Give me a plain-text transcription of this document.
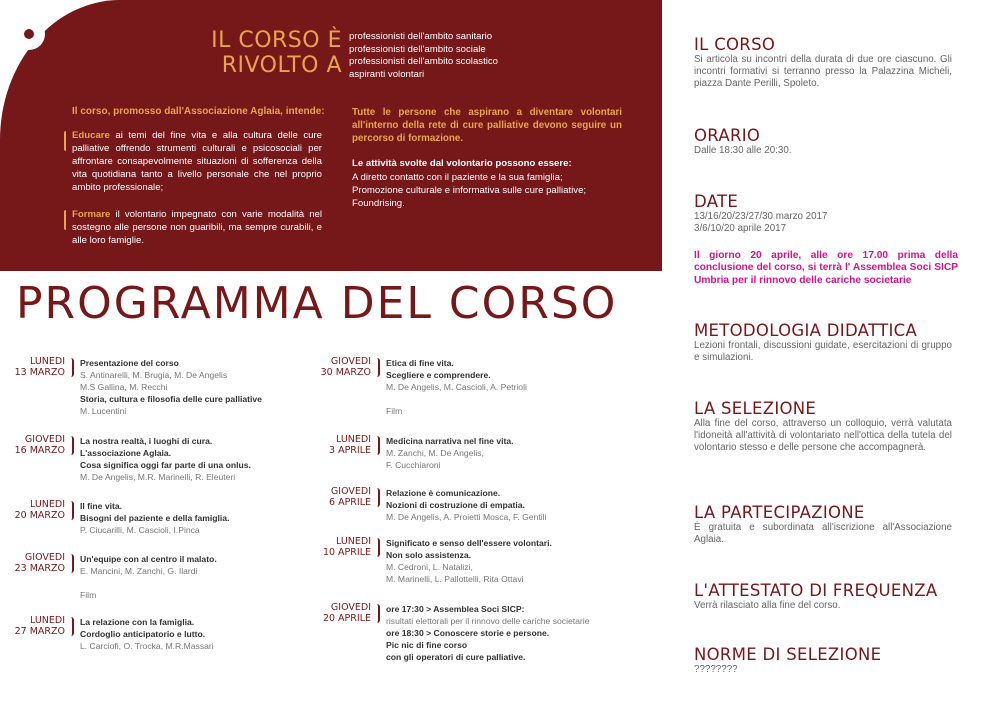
IL CORSO È
RIVOLTO A
professionisti dell'ambito sanitario
professionisti dell'ambito sociale
professionisti dell'ambito scolastico
aspiranti volontari
Il corso, promosso dall'Associazione Aglaia, intende:
Educare ai temi del fine vita e alla cultura delle cure palliative offrendo strumenti culturali e psicosociali per affrontare consapevolmente situazioni di sofferenza della vita quotidiana tanto a livello personale che nel proprio ambito professionale;
Formare il volontario impegnato con varie modalità nel sostegno alle persone non guaribili, ma sempre curabili, e alle loro famiglie.
Tutte le persone che aspirano a diventare volontari all'interno della rete di cure palliative devono seguire un percorso di formazione.
Le attività svolte dal volontario possono essere:
A diretto contatto con il paziente e la sua famiglia;
Promozione culturale e informativa sulle cure palliative;
Foundrising.
PROGRAMMA DEL CORSO
LUNEDI
13 MARZO
Presentazione del corso
S. Antinarelli, M. Brugia, M. De Angelis
M.S Gallina, M. Recchi
Storia, cultura e filosofia delle cure palliative
M. Lucentini
GIOVEDI
16 MARZO
La nostra realtà, i luoghi di cura.
L'associazione Aglaia.
Cosa significa oggi far parte di una onlus.
M. De Angelis, M.R. Marinelli, R. Eleuteri
LUNEDI
20 MARZO
Il fine vita.
Bisogni del paziente e della famiglia.
P. Ciucarilli, M. Cascioli, I.Pinca
GIOVEDI
23 MARZO
Un'equipe con al centro il malato.
E. Mancini, M. Zanchi, G. Ilardi

Film
LUNEDI
27 MARZO
La relazione con la famiglia.
Cordoglio anticipatorio e lutto.
L. Carciofi, O. Trocka, M.R.Massari
GIOVEDI
30 MARZO
Etica di fine vita.
Scegliere e comprendere.
M. De Angelis, M. Cascioli, A. Petrioli

Film
LUNEDI
3 APRILE
Medicina narrativa nel fine vita.
M. Zanchi, M. De Angelis,
F. Cucchiaroni
GIOVEDI
6 APRILE
Relazione è comunicazione.
Nozioni di costruzione di empatia.
M. De Angelis, A. Proietti Mosca, F. Gentili
LUNEDI
10 APRILE
Significato e senso dell'essere volontari.
Non solo assistenza.
M. Cedroni, L. Natalizi,
M. Marinelli, L. Pallottelli, Rita Ottavi
GIOVEDI
20 APRILE
ore 17:30 > Assemblea Soci SICP:
risultati elettorali per il rinnovo delle cariche societarie
ore 18:30 > Conoscere storie e persone.
Pic nic di fine corso
con gli operatori di cure palliative.
IL CORSO
Si articola su incontri della durata di due ore ciascuno. Gli incontri formativi si terranno presso la Palazzina Micheli, piazza Dante Perilli, Spoleto.
ORARIO
Dalle 18:30 alle 20:30.
DATE
13/16/20/23/27/30 marzo 2017
3/6/10/20 aprile 2017
Il giorno 20 aprile, alle ore 17.00 prima della conclusione del corso, si terrà l' Assemblea Soci SICP Umbria per il rinnovo delle cariche societarie
METODOLOGIA DIDATTICA
Lezioni frontali, discussioni guidate, esercitazioni di gruppo e simulazioni.
LA SELEZIONE
Alla fine del corso, attraverso un colloquio, verrà valutata l'idoneità all'attività di volontariato nell'ottica della tutela del volontario stesso e delle persone che accompagnerà.
LA PARTECIPAZIONE
È gratuita e subordinata all'iscrizione all'Associazione Aglaia.
L'ATTESTATO DI FREQUENZA
Verrà rilasciato alla fine del corso.
NORME DI SELEZIONE
????????
